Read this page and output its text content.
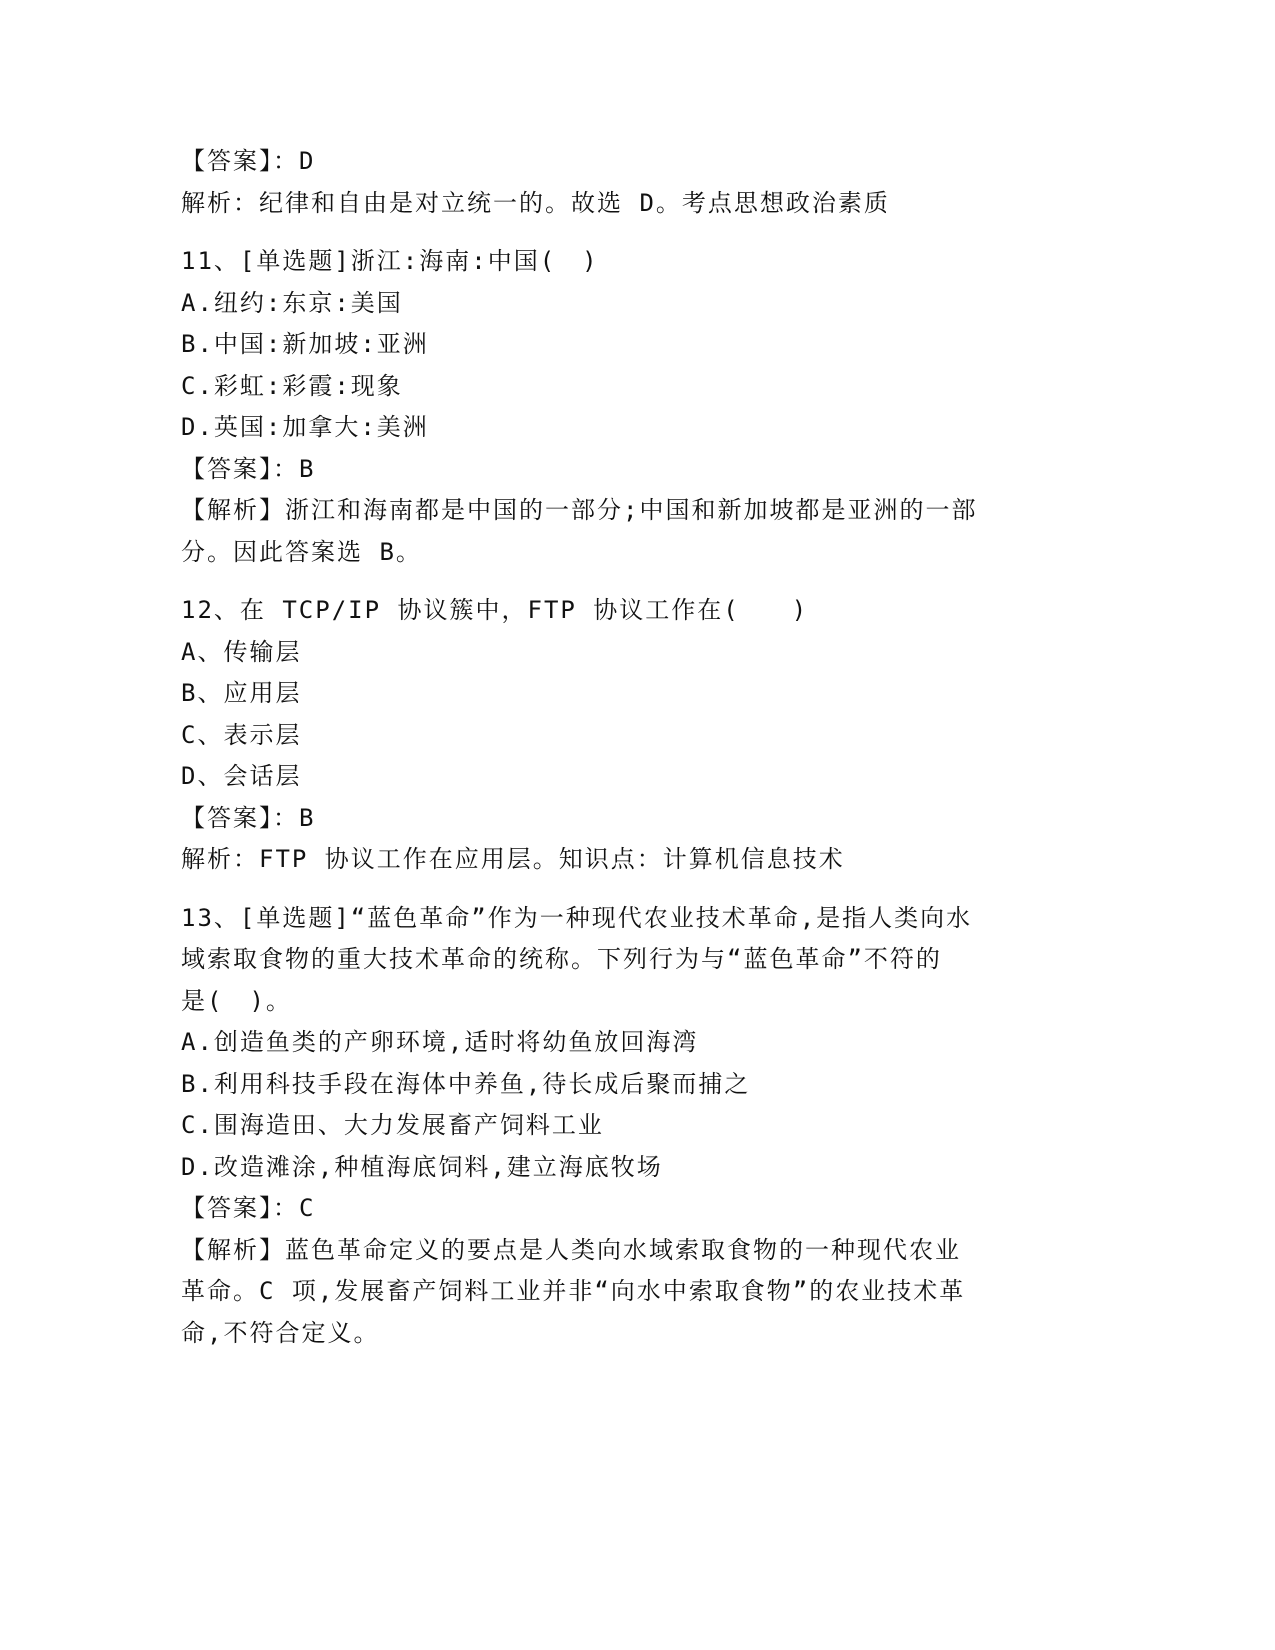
【答案】：D
解析：纪律和自由是对立统一的。故选 D。考点思想政治素质
11、[单选题]浙江:海南:中国(　)
A.纽约:东京:美国
B.中国:新加坡:亚洲
C.彩虹:彩霞:现象
D.英国:加拿大:美洲
【答案】：B
【解析】浙江和海南都是中国的一部分;中国和新加坡都是亚洲的一部
分。因此答案选 B。
12、在 TCP/IP 协议簇中，FTP 协议工作在(　　)
A、传输层
B、应用层
C、表示层
D、会话层
【答案】：B
解析：FTP 协议工作在应用层。知识点：计算机信息技术
13、[单选题]“蓝色革命”作为一种现代农业技术革命,是指人类向水
域索取食物的重大技术革命的统称。下列行为与“蓝色革命”不符的
是(　)。
A.创造鱼类的产卵环境,适时将幼鱼放回海湾
B.利用科技手段在海体中养鱼,待长成后聚而捕之
C.围海造田、大力发展畜产饲料工业
D.改造滩涂,种植海底饲料,建立海底牧场
【答案】：C
【解析】蓝色革命定义的要点是人类向水域索取食物的一种现代农业
革命。C 项,发展畜产饲料工业并非“向水中索取食物”的农业技术革
命,不符合定义。
